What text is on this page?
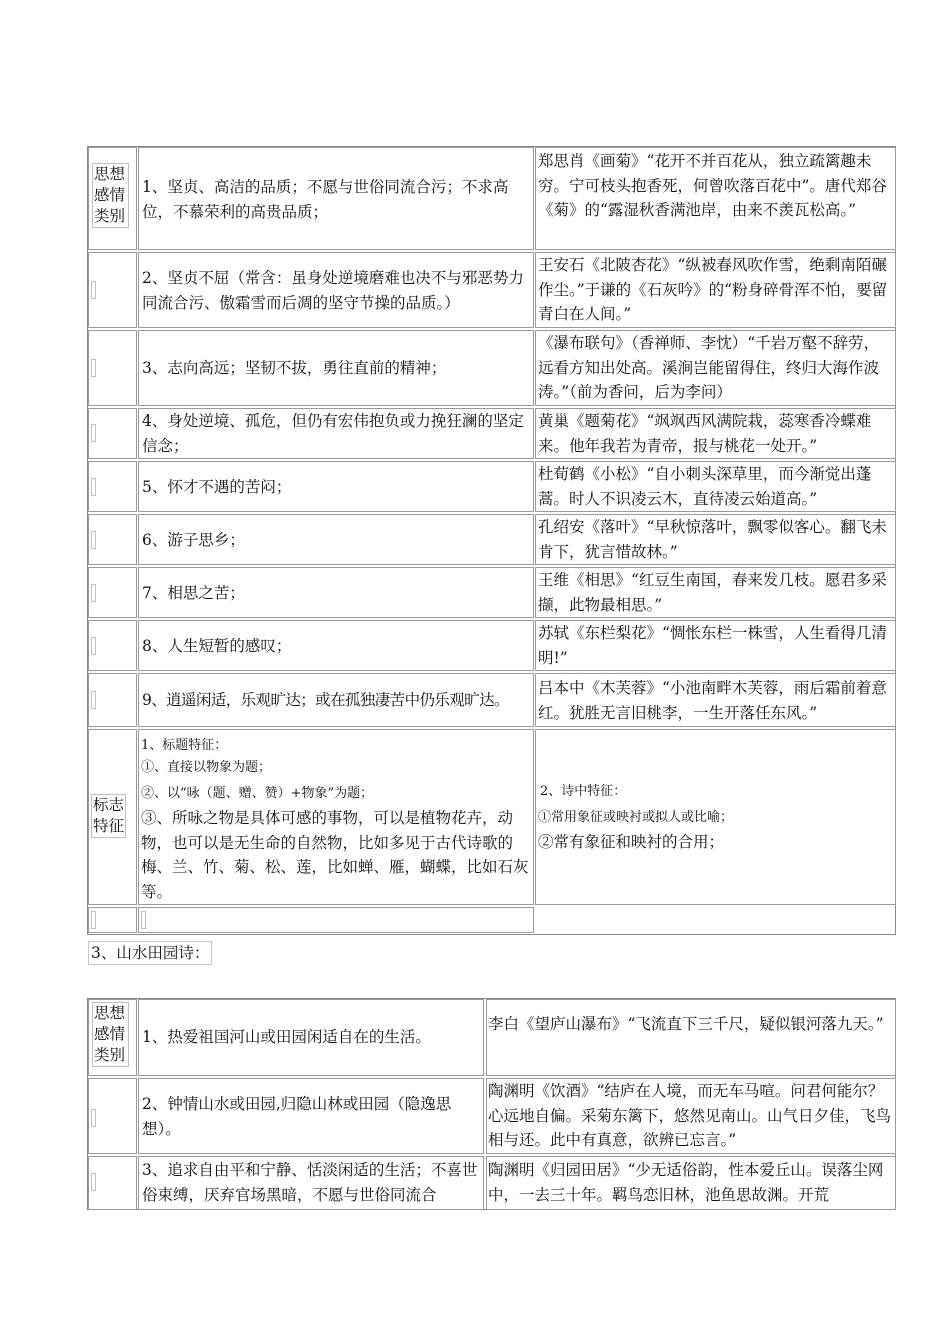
思想感情类别
1、坚贞、高洁的品质；不愿与世俗同流合污；不求高位，不慕荣利的高贵品质；
郑思肖《画菊》“花开不并百花从，独立疏篱趣未穷。宁可枝头抱香死，何曾吹落百花中”。唐代郑谷《菊》的“露湿秋香满池岸，由来不羡瓦松高。”
2、坚贞不屈（常含：虽身处逆境磨难也决不与邪恶势力同流合污、傲霜雪而后凋的坚守节操的品质。）
王安石《北陂杏花》“纵被春风吹作雪，绝剩南陌碾作尘。”于谦的《石灰吟》的“粉身碎骨浑不怕，要留青白在人间。”
3、志向高远；坚韧不拔，勇往直前的精神；
《瀑布联句》（香禅师、李忱）“千岩万壑不辞劳，远看方知出处高。溪涧岂能留得住，终归大海作波涛。”（前为香问，后为李问）
4、身处逆境、孤危，但仍有宏伟抱负或力挽狂澜的坚定信念；
黄巢《题菊花》“飒飒西风满院栽，蕊寒香冷蝶难来。他年我若为青帝，报与桃花一处开。”
5、怀才不遇的苦闷；
杜荀鹤《小松》“自小刺头深草里，而今渐觉出蓬蒿。时人不识凌云木，直待凌云始道高。”
6、游子思乡；
孔绍安《落叶》“早秋惊落叶，飘零似客心。翻飞未肯下，犹言惜故林。”
7、相思之苦；
王维《相思》“红豆生南国，春来发几枝。愿君多采撷，此物最相思。”
8、人生短暂的感叹；
苏轼《东栏梨花》“惆怅东栏一株雪，人生看得几清明!”
9、逍遥闲适，乐观旷达；或在孤独凄苦中仍乐观旷达。
吕本中《木芙蓉》“小池南畔木芙蓉，雨后霜前着意红。犹胜无言旧桃李，一生开落任东风。”
标志特征
1、标题特征：
①、直接以物象为题；
②、以“咏（题、赠、赞）+物象”为题；
③、所咏之物是具体可感的事物，可以是植物花卉，动物，也可以是无生命的自然物，比如多见于古代诗歌的梅、兰、竹、菊、松、莲，比如蝉、雁，蝴蝶，比如石灰等。
2、诗中特征：
①常用象征或映衬或拟人或比喻；
②常有象征和映衬的合用；
3、山水田园诗：
思想感情类别
1、热爱祖国河山或田园闲适自在的生活。
李白《望庐山瀑布》“飞流直下三千尺，疑似银河落九天。”
2、钟情山水或田园,归隐山林或田园（隐逸思想）。
陶渊明《饮酒》“结庐在人境，而无车马喧。问君何能尔？心远地自偏。采菊东篱下，悠然见南山。山气日夕佳，飞鸟相与还。此中有真意，欲辨已忘言。”
3、追求自由平和宁静、恬淡闲适的生活；不喜世俗束缚，厌弃官场黑暗，不愿与世俗同流合
陶渊明《归园田居》“少无适俗韵，性本爱丘山。误落尘网中，一去三十年。羁鸟恋旧林，池鱼思故渊。开荒
